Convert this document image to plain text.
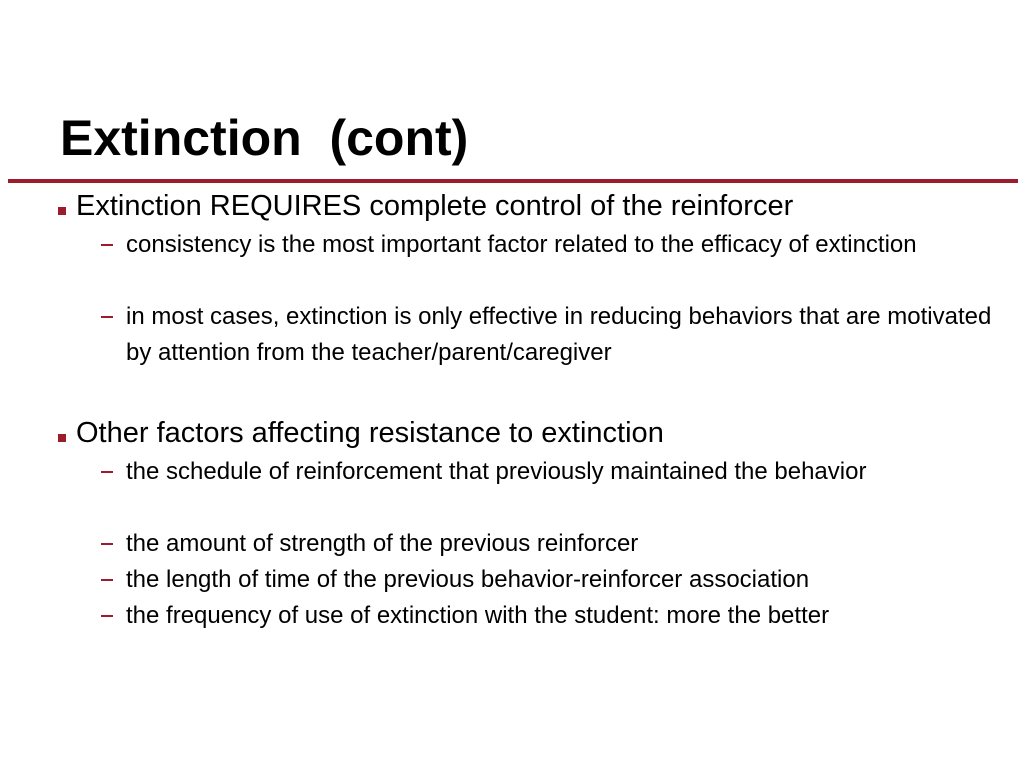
Extinction  (cont)
Extinction REQUIRES complete control of the reinforcer
consistency is the most important factor related to the efficacy of extinction
in most cases, extinction is only effective in reducing behaviors that are motivated by attention from the teacher/parent/caregiver
Other factors affecting resistance to extinction
the schedule of reinforcement that previously maintained the behavior
the amount of strength of the previous reinforcer
the length of time of the previous behavior-reinforcer association
the frequency of use of extinction with the student: more the better
